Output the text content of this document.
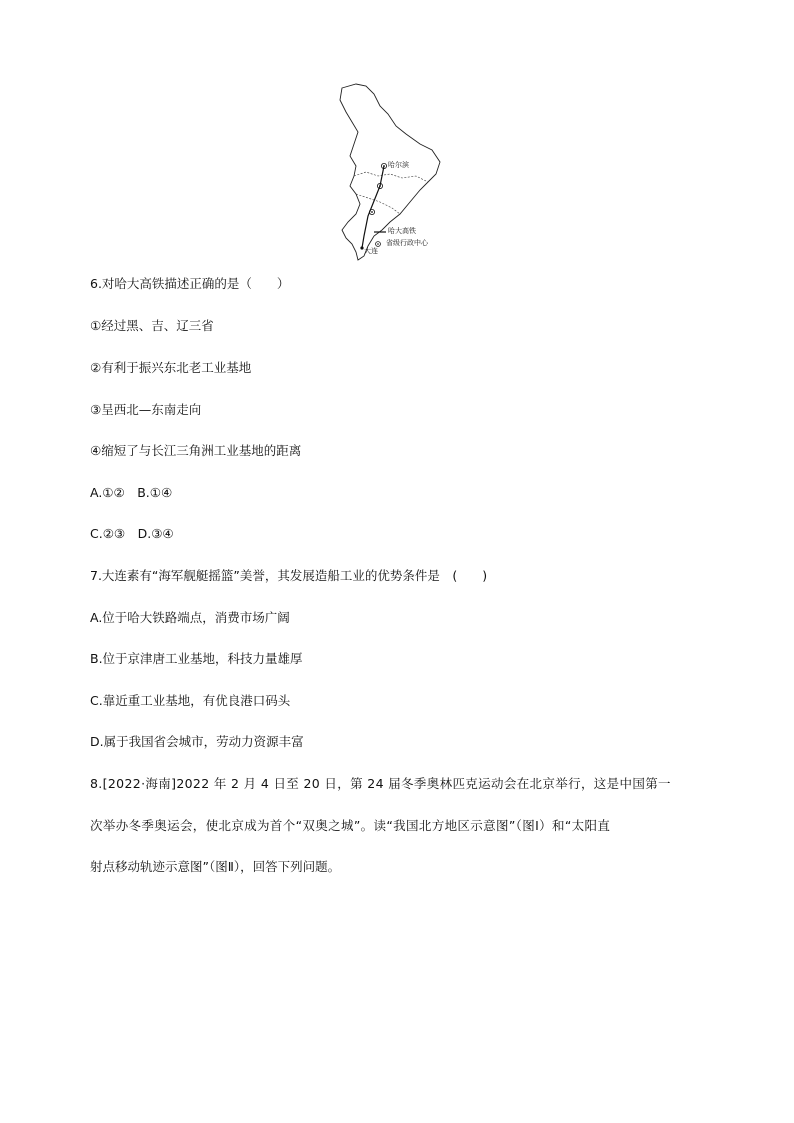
哈尔滨
大连
哈大高铁
省级行政中心
6.对哈大高铁描述正确的是（　　）
①经过黑、吉、辽三省
②有利于振兴东北老工业基地
③呈西北—东南走向
④缩短了与长江三角洲工业基地的距离
A.①②　B.①④
C.②③　D.③④
7.大连素有“海军舰艇摇篮”美誉，其发展造船工业的优势条件是　(　　)
A.位于哈大铁路端点，消费市场广阔
B.位于京津唐工业基地，科技力量雄厚
C.靠近重工业基地，有优良港口码头
D.属于我国省会城市，劳动力资源丰富
8.[2022·海南]2022 年 2 月 4 日至 20 日，第 24 届冬季奥林匹克运动会在北京举行，这是中国第一
次举办冬季奥运会，使北京成为首个“双奥之城”。读“我国北方地区示意图”（图Ⅰ）和“太阳直
射点移动轨迹示意图”（图Ⅱ），回答下列问题。
